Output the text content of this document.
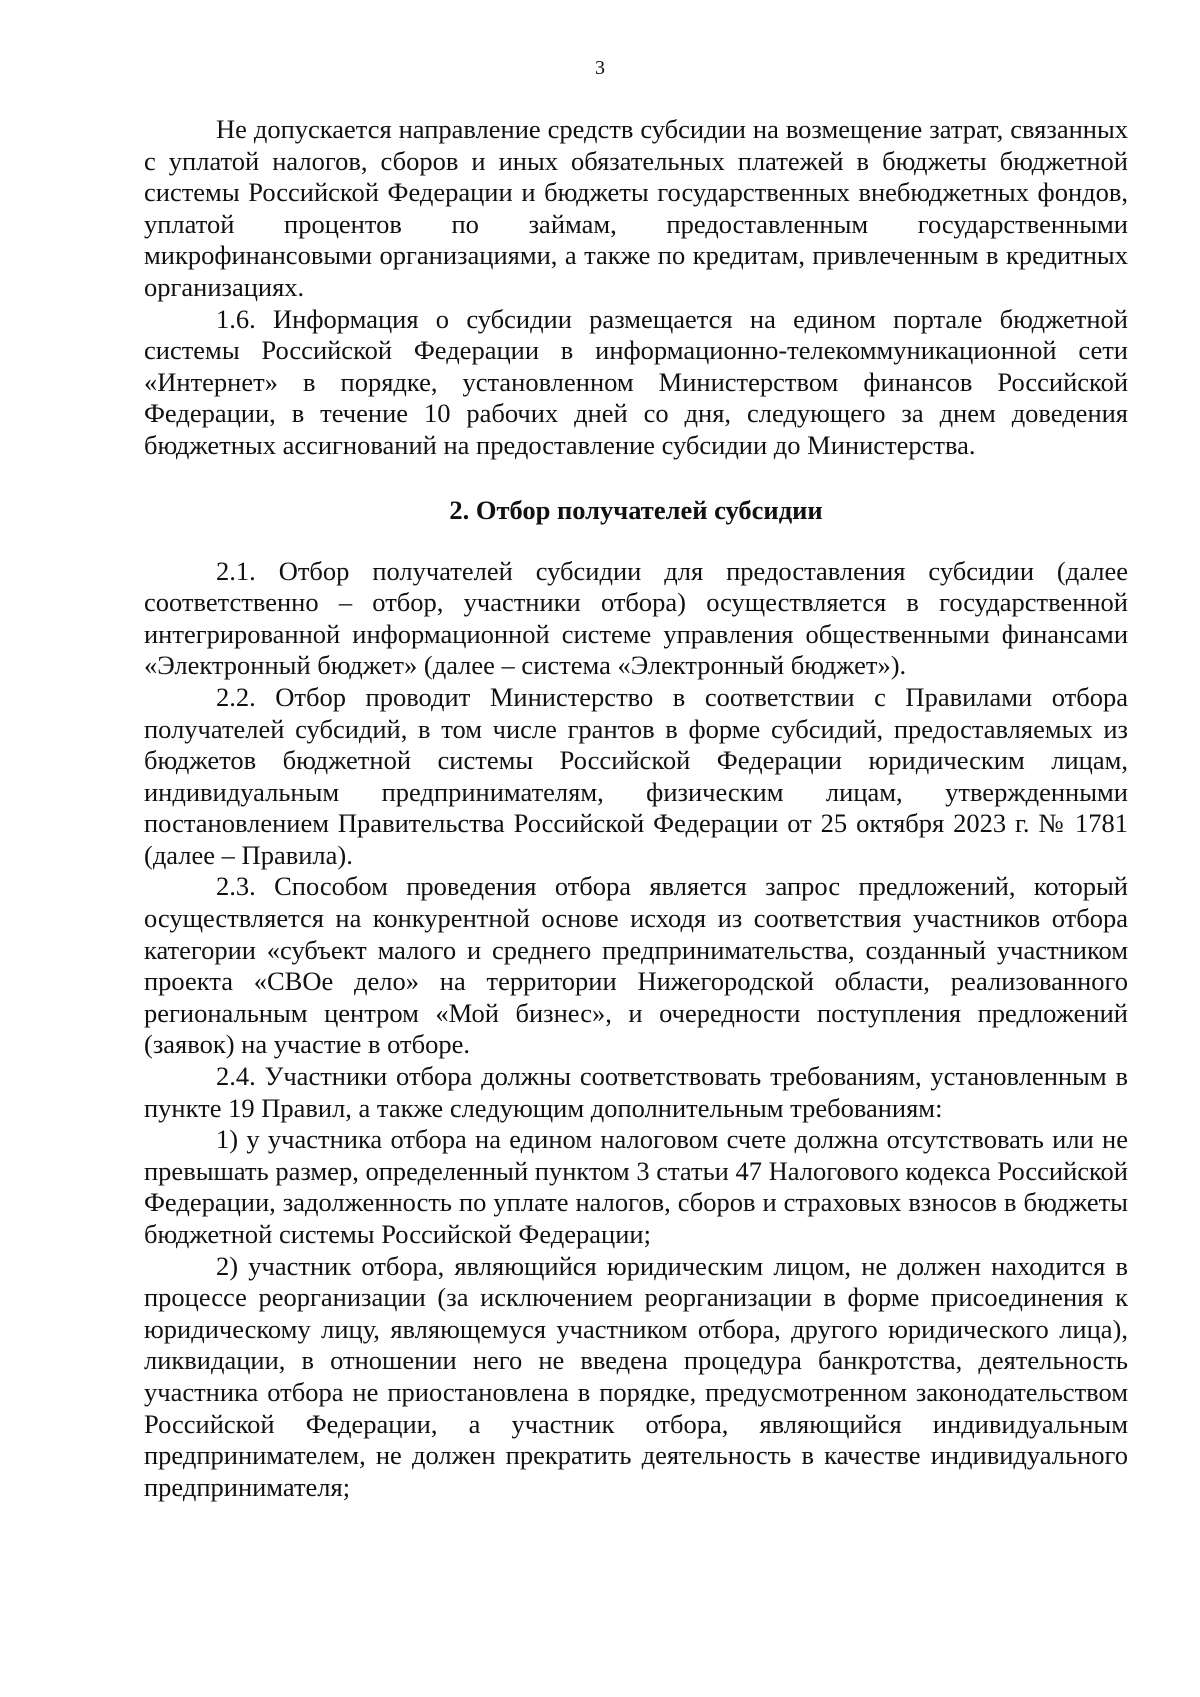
3

Не допускается направление средств субсидии на возмещение затрат, связанных с уплатой налогов, сборов и иных обязательных платежей в бюджеты бюджетной системы Российской Федерации и бюджеты государственных внебюджетных фондов, уплатой процентов по займам, предоставленным государственными микрофинансовыми организациями, а также по кредитам, привлеченным в кредитных организациях.

1.6. Информация о субсидии размещается на едином портале бюджетной системы Российской Федерации в информационно-телекоммуникационной сети «Интернет» в порядке, установленном Министерством финансов Российской Федерации, в течение 10 рабочих дней со дня, следующего за днем доведения бюджетных ассигнований на предоставление субсидии до Министерства.

2. Отбор получателей субсидии

2.1. Отбор получателей субсидии для предоставления субсидии (далее соответственно – отбор, участники отбора) осуществляется в государственной интегрированной информационной системе управления общественными финансами «Электронный бюджет» (далее – система «Электронный бюджет»).

2.2. Отбор проводит Министерство в соответствии с Правилами отбора получателей субсидий, в том числе грантов в форме субсидий, предоставляемых из бюджетов бюджетной системы Российской Федерации юридическим лицам, индивидуальным предпринимателям, физическим лицам, утвержденными постановлением Правительства Российской Федерации от 25 октября 2023 г. № 1781 (далее – Правила).

2.3. Способом проведения отбора является запрос предложений, который осуществляется на конкурентной основе исходя из соответствия участников отбора категории «субъект малого и среднего предпринимательства, созданный участником проекта «СВОе дело» на территории Нижегородской области, реализованного региональным центром «Мой бизнес», и очередности поступления предложений (заявок) на участие в отборе.

2.4. Участники отбора должны соответствовать требованиям, установленным в пункте 19 Правил, а также следующим дополнительным требованиям:

1) у участника отбора на едином налоговом счете должна отсутствовать или не превышать размер, определенный пунктом 3 статьи 47 Налогового кодекса Российской Федерации, задолженность по уплате налогов, сборов и страховых взносов в бюджеты бюджетной системы Российской Федерации;

2) участник отбора, являющийся юридическим лицом, не должен находится в процессе реорганизации (за исключением реорганизации в форме присоединения к юридическому лицу, являющемуся участником отбора, другого юридического лица), ликвидации, в отношении него не введена процедура банкротства, деятельность участника отбора не приостановлена в порядке, предусмотренном законодательством Российской Федерации, а участник отбора, являющийся индивидуальным предпринимателем, не должен прекратить деятельность в качестве индивидуального предпринимателя;
